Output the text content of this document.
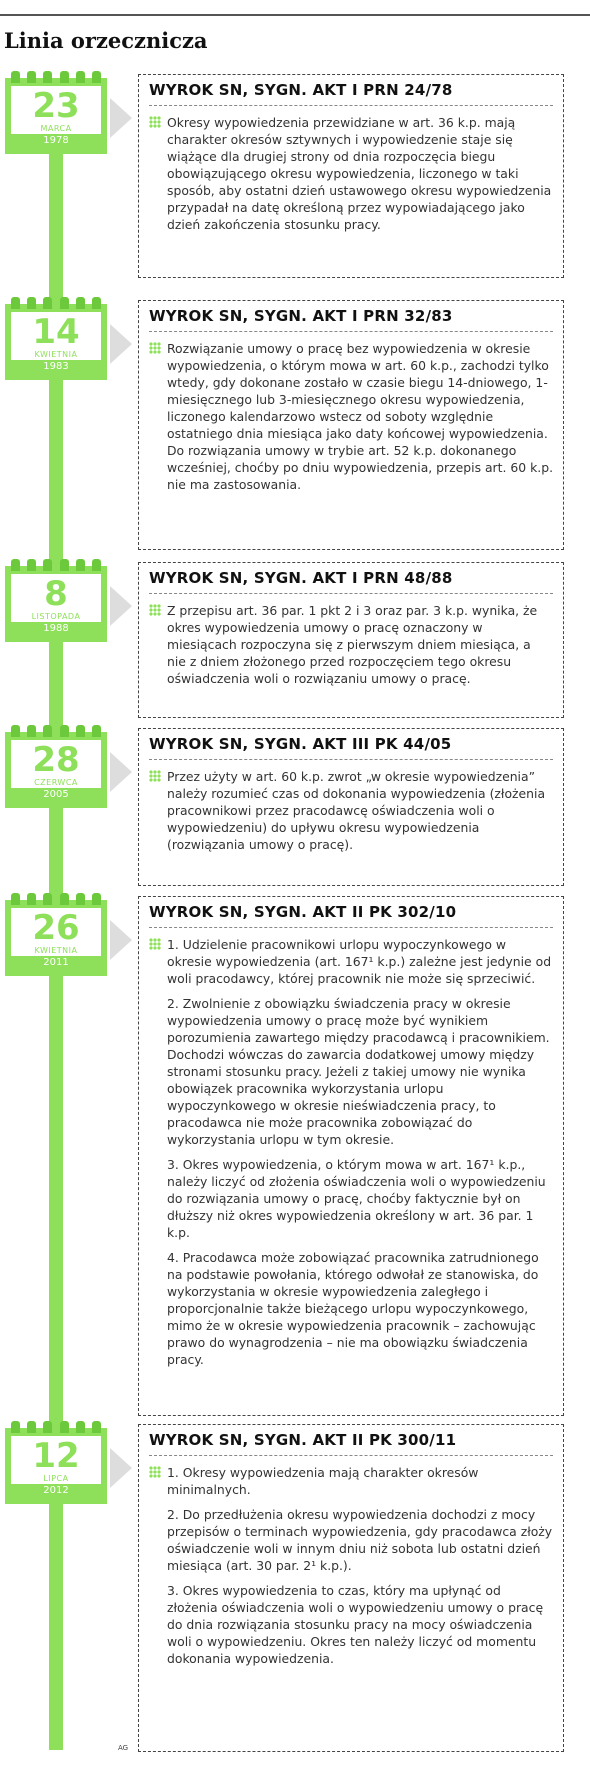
Linia orzecznicza
23
MARCA
1978
WYROK SN, SYGN. AKT I PRN 24/78

Okresy wypowiedzenia przewidziane w art. 36 k.p. mają charakter okresów sztywnych i wypowiedzenie staje się wiążące dla drugiej strony od dnia rozpoczęcia biegu obowiązującego okresu wypowiedzenia, liczonego w taki sposób, aby ostatni dzień ustawowego okresu wypowiedzenia przypadał na datę określoną przez wypowiadającego jako dzień zakończenia stosunku pracy.

14
KWIETNIA
1983
WYROK SN, SYGN. AKT I PRN 32/83

Rozwiązanie umowy o pracę bez wypowiedzenia w okresie wypowiedzenia, o którym mowa w art. 60 k.p., zachodzi tylko wtedy, gdy dokonane zostało w czasie biegu 14-dniowego, 1-miesięcznego lub 3-miesięcznego okresu wypowiedzenia, liczonego kalendarzowo wstecz od soboty względnie ostatniego dnia miesiąca jako daty końcowej wypowiedzenia. Do rozwiązania umowy w trybie art. 52 k.p. dokonanego wcześniej, choćby po dniu wypowiedzenia, przepis art. 60 k.p. nie ma zastosowania.

8
LISTOPADA
1988
WYROK SN, SYGN. AKT I PRN 48/88

Z przepisu art. 36 par. 1 pkt 2 i 3 oraz par. 3 k.p. wynika, że okres wypowiedzenia umowy o pracę oznaczony w miesiącach rozpoczyna się z pierwszym dniem miesiąca, a nie z dniem złożonego przed rozpoczęciem tego okresu oświadczenia woli o rozwiązaniu umowy o pracę.

28
CZERWCA
2005
WYROK SN, SYGN. AKT III PK 44/05

Przez użyty w art. 60 k.p. zwrot „w okresie wypowiedzenia” należy rozumieć czas od dokonania wypowiedzenia (złożenia pracownikowi przez pracodawcę oświadczenia woli o wypowiedzeniu) do upływu okresu wypowiedzenia (rozwiązania umowy o pracę).

26
KWIETNIA
2011
WYROK SN, SYGN. AKT II PK 302/10

1. Udzielenie pracownikowi urlopu wypoczynkowego w okresie wypowiedzenia (art. 167¹ k.p.) zależne jest jedynie od woli pracodawcy, której pracownik nie może się sprzeciwić.

2. Zwolnienie z obowiązku świadczenia pracy w okresie wypowiedzenia umowy o pracę może być wynikiem porozumienia zawartego między pracodawcą i pracownikiem. Dochodzi wówczas do zawarcia dodatkowej umowy między stronami stosunku pracy. Jeżeli z takiej umowy nie wynika obowiązek pracownika wykorzystania urlopu wypoczynkowego w okresie nieświadczenia pracy, to pracodawca nie może pracownika zobowiązać do wykorzystania urlopu w tym okresie.

3. Okres wypowiedzenia, o którym mowa w art. 167¹ k.p., należy liczyć od złożenia oświadczenia woli o wypowiedzeniu do rozwiązania umowy o pracę, choćby faktycznie był on dłuższy niż okres wypowiedzenia określony w art. 36 par. 1 k.p.

4. Pracodawca może zobowiązać pracownika zatrudnionego na podstawie powołania, którego odwołał ze stanowiska, do wykorzystania w okresie wypowiedzenia zaległego i proporcjonalnie także bieżącego urlopu wypoczynkowego, mimo że w okresie wypowiedzenia pracownik – zachowując prawo do wynagrodzenia – nie ma obowiązku świadczenia pracy.

12
LIPCA
2012
WYROK SN, SYGN. AKT II PK 300/11

1. Okresy wypowiedzenia mają charakter okresów minimalnych.

2. Do przedłużenia okresu wypowiedzenia dochodzi z mocy przepisów o terminach wypowiedzenia, gdy pracodawca złoży oświadczenie woli w innym dniu niż sobota lub ostatni dzień miesiąca (art. 30 par. 2¹ k.p.).

3. Okres wypowiedzenia to czas, który ma upłynąć od złożenia oświadczenia woli o wypowiedzeniu umowy o pracę do dnia rozwiązania stosunku pracy na mocy oświadczenia woli o wypowiedzeniu. Okres ten należy liczyć od momentu dokonania wypowiedzenia.

AG
